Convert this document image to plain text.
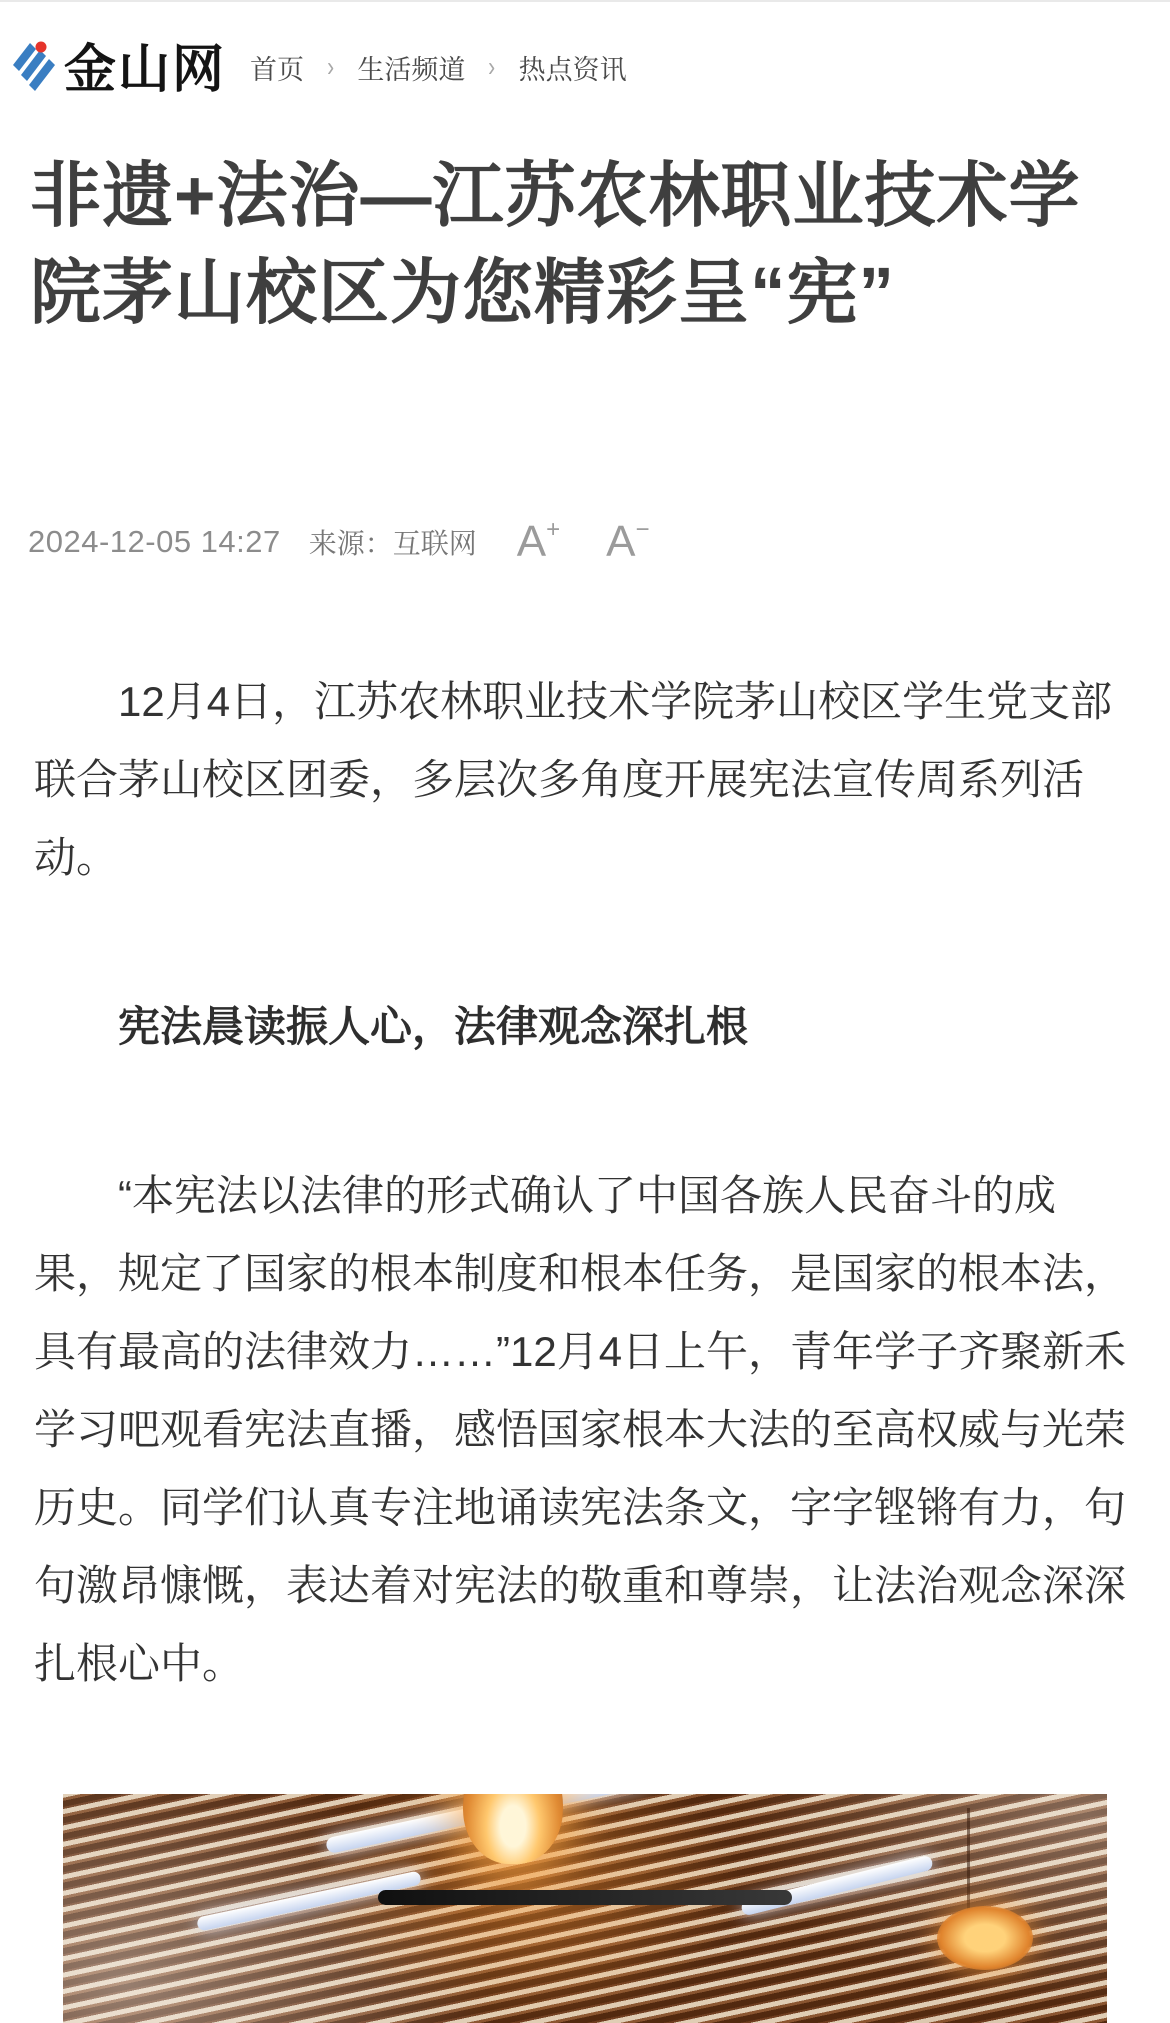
金山网 首页 › 生活频道 › 热点资讯
非遗+法治—江苏农林职业技术学院茅山校区为您精彩呈“宪”
2024-12-05 14:27 来源：互联网 A+ A−

12月4日，江苏农林职业技术学院茅山校区学生党支部联合茅山校区团委，多层次多角度开展宪法宣传周系列活动。

宪法晨读振人心，法律观念深扎根

“本宪法以法律的形式确认了中国各族人民奋斗的成果，规定了国家的根本制度和根本任务，是国家的根本法，具有最高的法律效力……”12月4日上午，青年学子齐聚新禾学习吧观看宪法直播，感悟国家根本大法的至高权威与光荣历史。同学们认真专注地诵读宪法条文，字字铿锵有力，句句激昂慷慨，表达着对宪法的敬重和尊崇，让法治观念深深扎根心中。
